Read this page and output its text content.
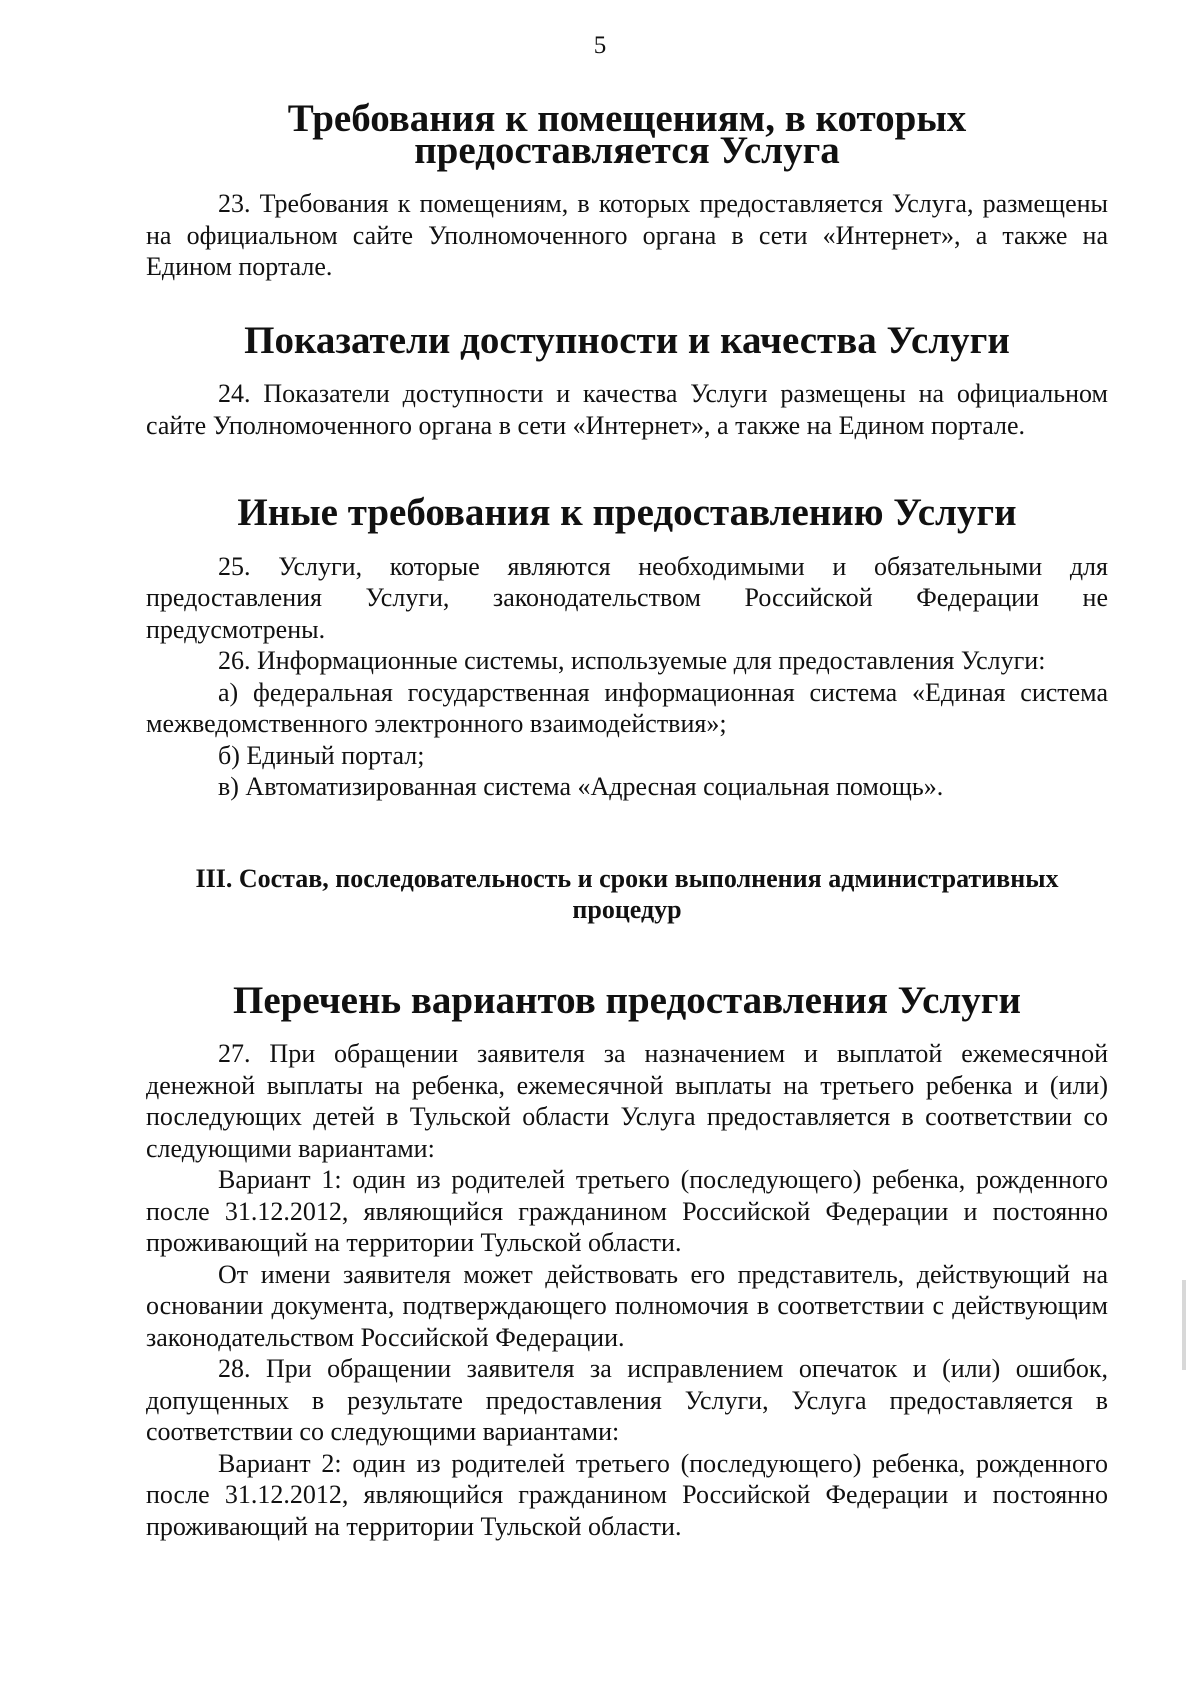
5
Требования к помещениям, в которых предоставляется Услуга

23. Требования к помещениям, в которых предоставляется Услуга, размещены на официальном сайте Уполномоченного органа в сети «Интернет», а также на Едином портале.

Показатели доступности и качества Услуги

24. Показатели доступности и качества Услуги размещены на официальном сайте Уполномоченного органа в сети «Интернет», а также на Едином портале.

Иные требования к предоставлению Услуги

25. Услуги, которые являются необходимыми и обязательными для предоставления Услуги, законодательством Российской Федерации не предусмотрены.

26. Информационные системы, используемые для предоставления Услуги:

а) федеральная государственная информационная система «Единая система межведомственного электронного взаимодействия»;

б) Единый портал;

в) Автоматизированная система «Адресная социальная помощь».

III. Состав, последовательность и сроки выполнения административных процедур
Перечень вариантов предоставления Услуги

27. При обращении заявителя за назначением и выплатой ежемесячной денежной выплаты на ребенка, ежемесячной выплаты на третьего ребенка и (или) последующих детей в Тульской области Услуга предоставляется в соответствии со следующими вариантами:

Вариант 1: один из родителей третьего (последующего) ребенка, рожденного после 31.12.2012, являющийся гражданином Российской Федерации и постоянно проживающий на территории Тульской области.

От имени заявителя может действовать его представитель, действующий на основании документа, подтверждающего полномочия в соответствии с действующим законодательством Российской Федерации.

28. При обращении заявителя за исправлением опечаток и (или) ошибок, допущенных в результате предоставления Услуги, Услуга предоставляется в соответствии со следующими вариантами:

Вариант 2: один из родителей третьего (последующего) ребенка, рожденного после 31.12.2012, являющийся гражданином Российской Федерации и постоянно проживающий на территории Тульской области.
